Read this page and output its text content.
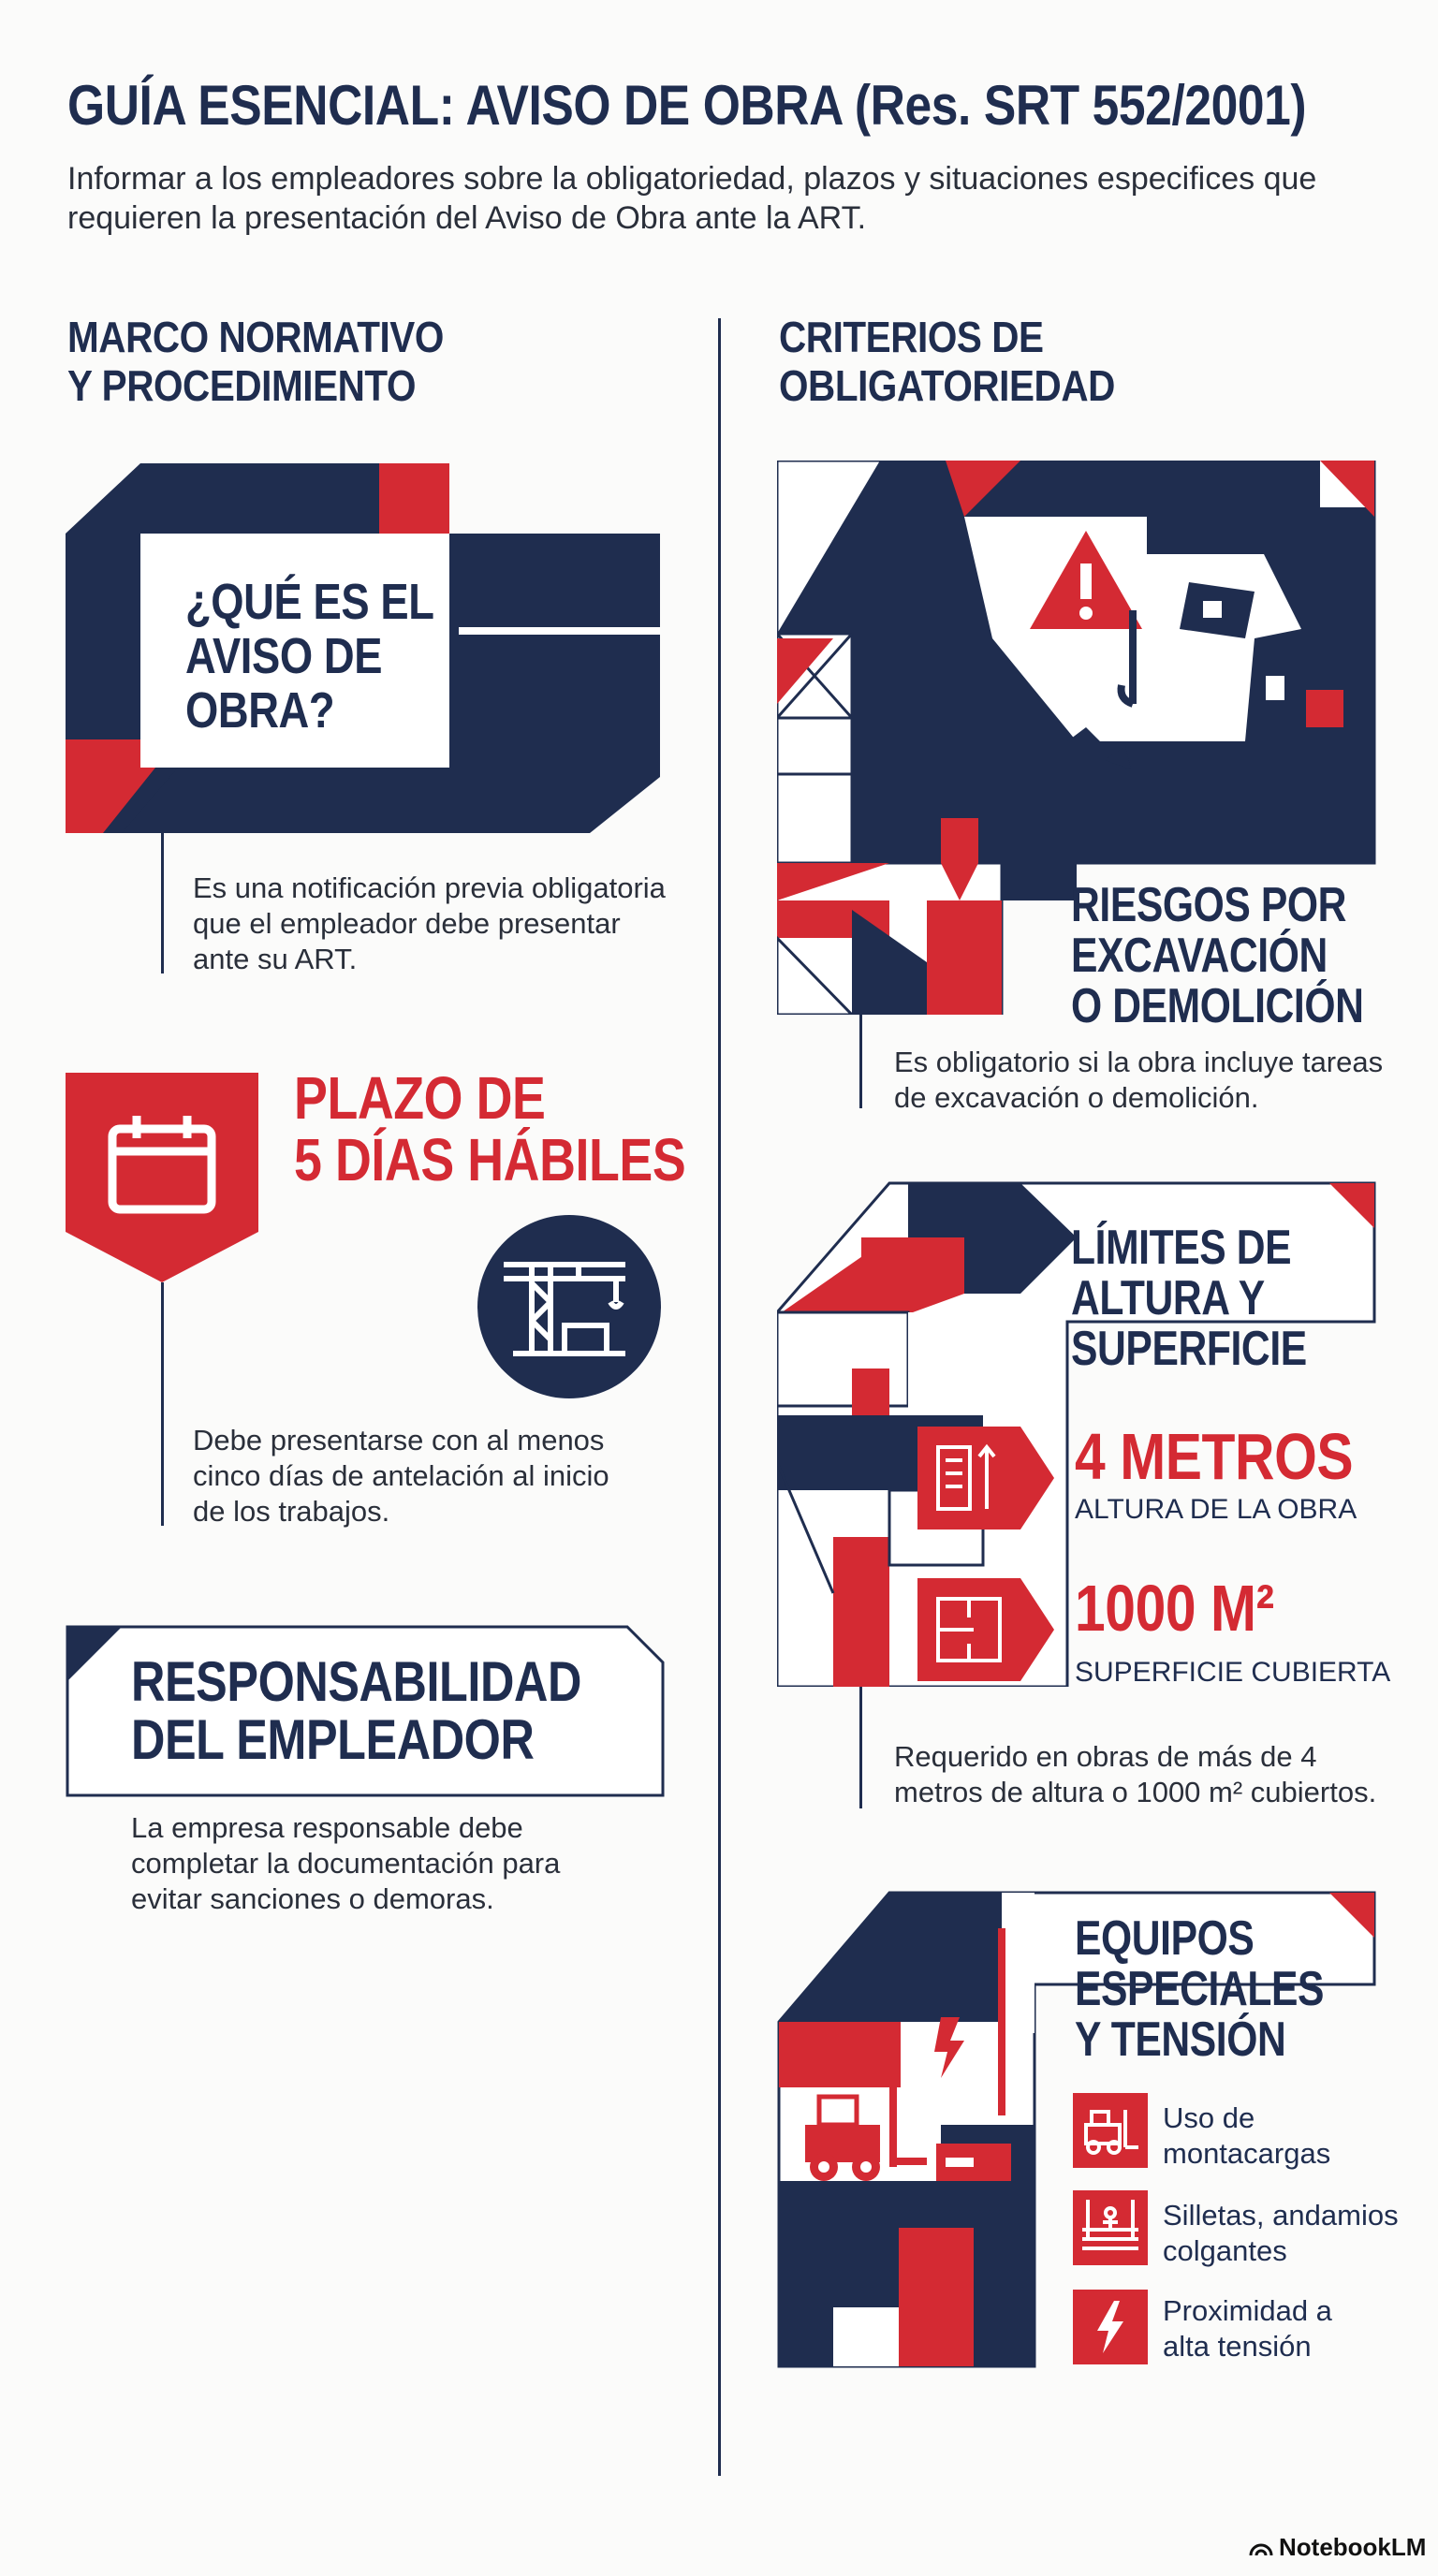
GUÍA ESENCIAL: AVISO DE OBRA (Res. SRT 552/2001)
Informar a los empleadores sobre la obligatoriedad, plazos y situaciones especifices que
requieren la presentación del Aviso de Obra ante la ART.
MARCO NORMATIVO
Y PROCEDIMIENTO
¿QUÉ ES EL
AVISO DE
OBRA?
Es una notificación previa obligatoria
que el empleador debe presentar
ante su ART.
PLAZO DE
5 DÍAS HÁBILES
Debe presentarse con al menos
cinco días de antelación al inicio
de los trabajos.
RESPONSABILIDAD
DEL EMPLEADOR
La empresa responsable debe
completar la documentación para
evitar sanciones o demoras.
CRITERIOS DE
OBLIGATORIEDAD
RIESGOS POR
EXCAVACIÓN
O DEMOLICIÓN
Es obligatorio si la obra incluye tareas
de excavación o demolición.
LÍMITES DE
ALTURA Y
SUPERFICIE
4 METROS
ALTURA DE LA OBRA
1000 M²
SUPERFICIE CUBIERTA
Requerido en obras de más de 4
metros de altura o 1000 m² cubiertos.
EQUIPOS
ESPECIALES
Y TENSIÓN
Uso de
montacargas
Silletas, andamios
colgantes
Proximidad a
alta tensión
NotebookLM
